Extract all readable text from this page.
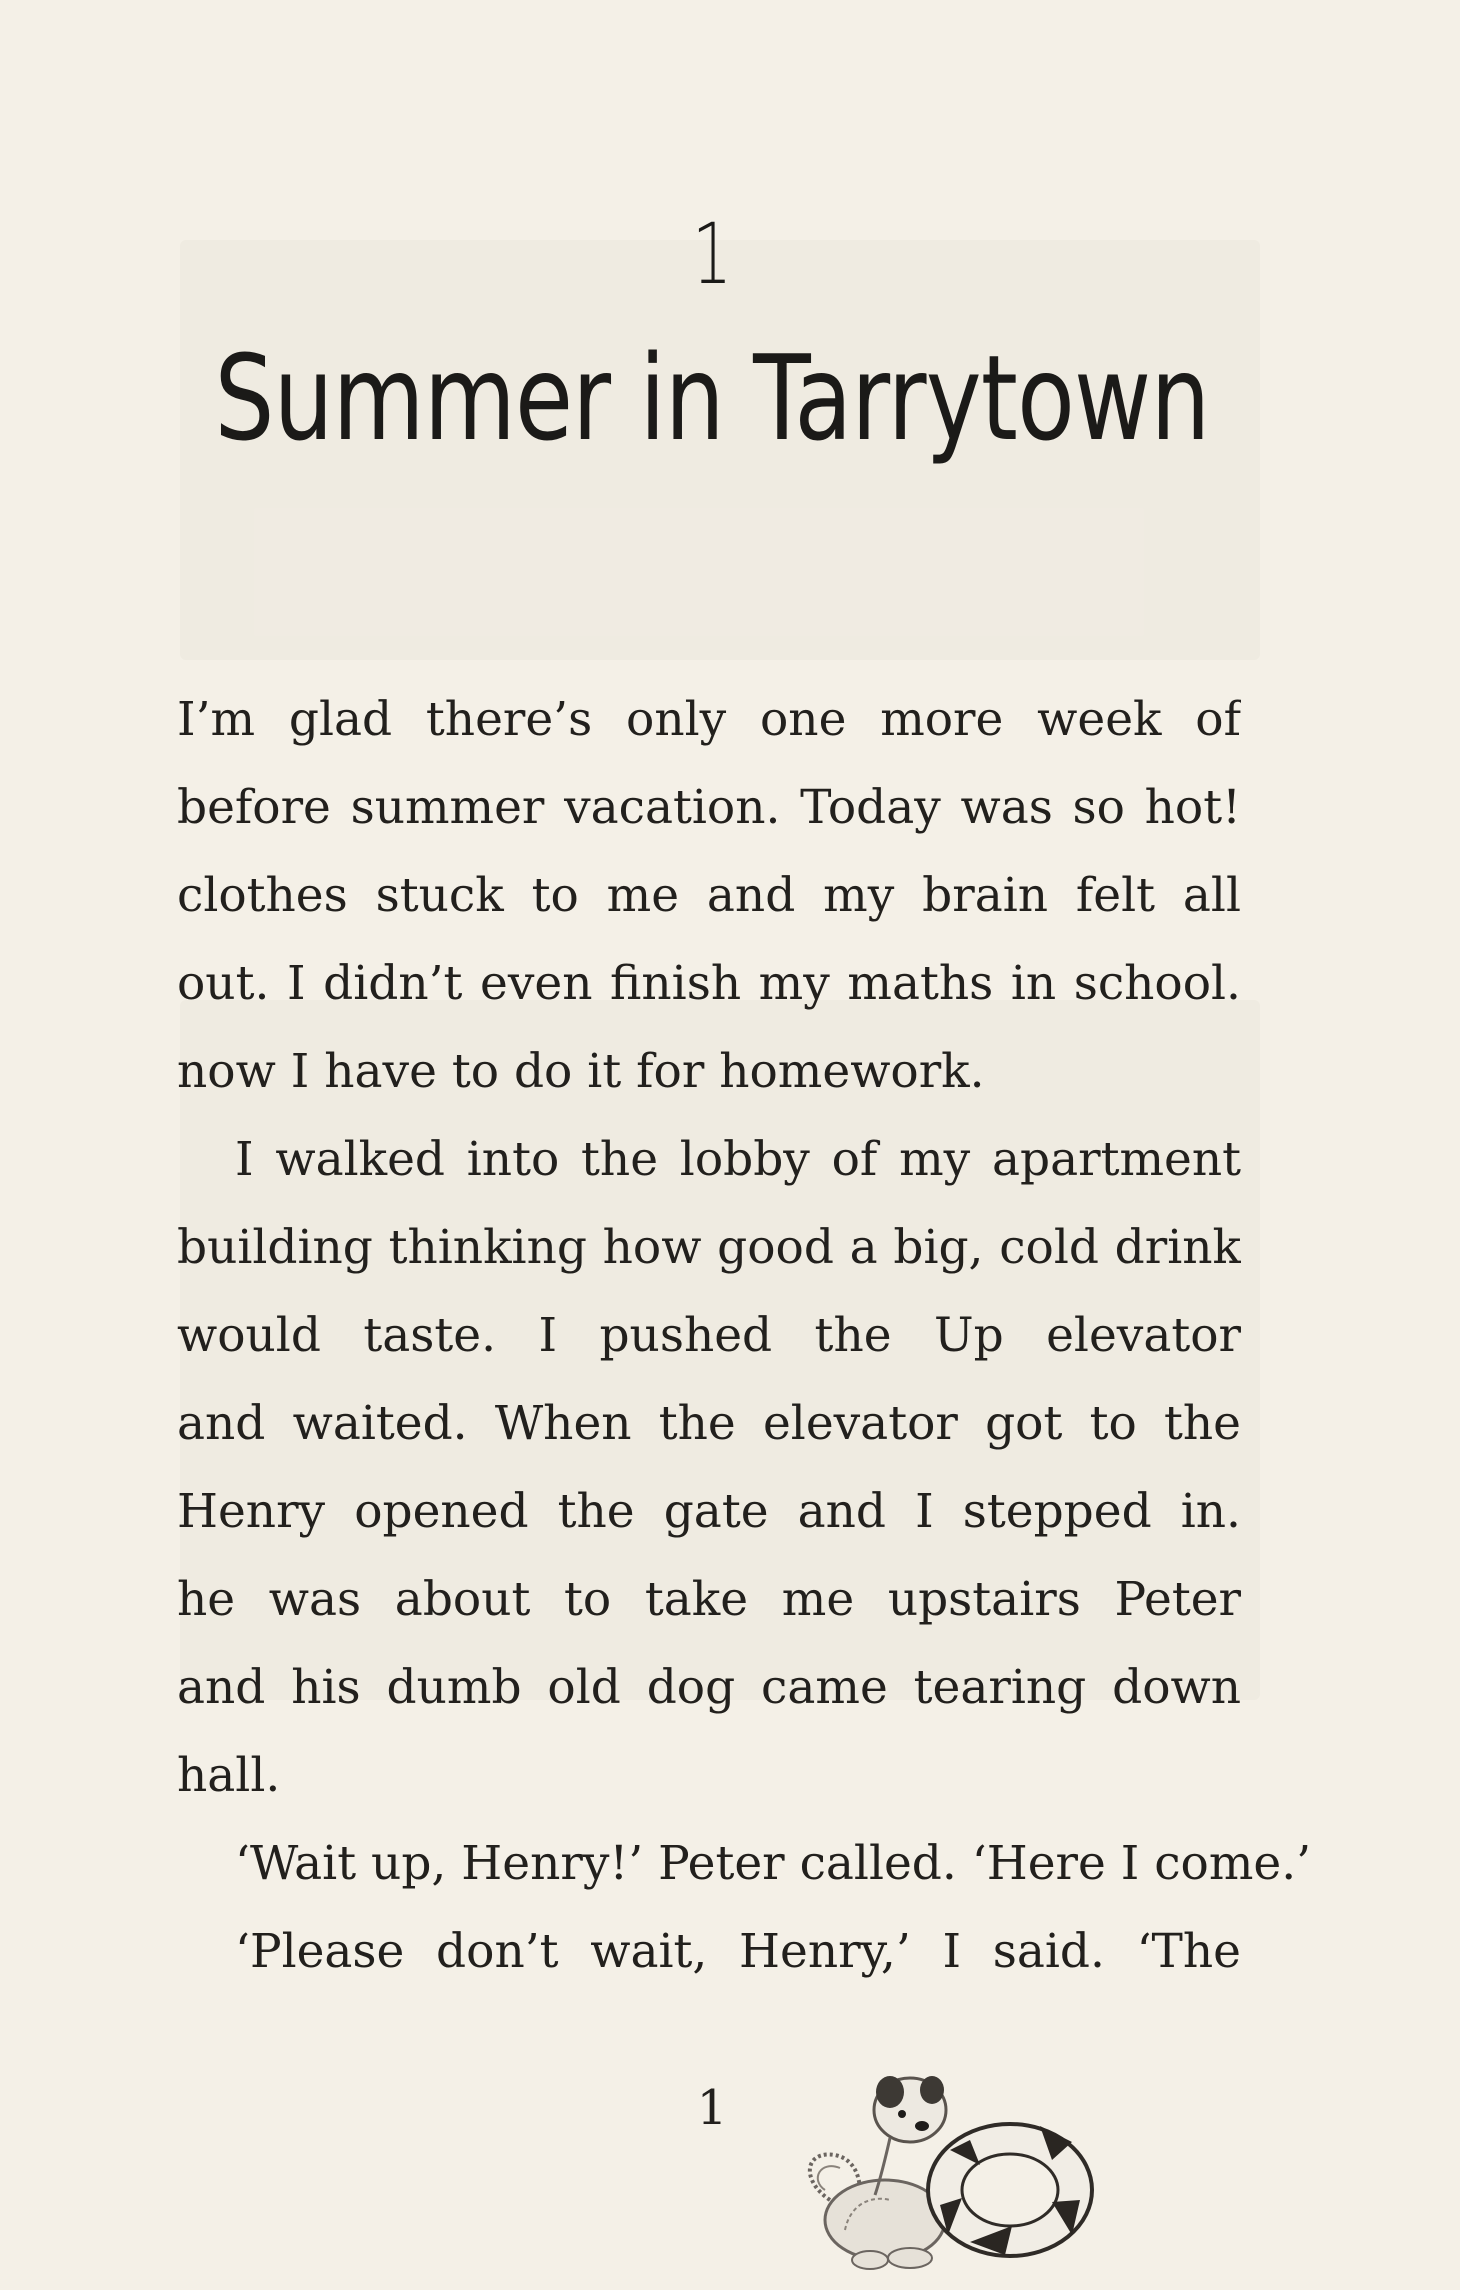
1
Summer in Tarrytown
I’m glad there’s only one more week of
before summer vacation. Today was so hot!
clothes stuck to me and my brain felt all
out. I didn’t even finish my maths in school.
now I have to do it for homework.
I walked into the lobby of my apartment
building thinking how good a big, cold drink
would taste. I pushed the Up elevator
and waited. When the elevator got to the
Henry opened the gate and I stepped in.
he was about to take me upstairs Peter
and his dumb old dog came tearing down
hall.
‘Wait up, Henry!’ Peter called. ‘Here I come.’
‘Please don’t wait, Henry,’ I said. ‘The
1
